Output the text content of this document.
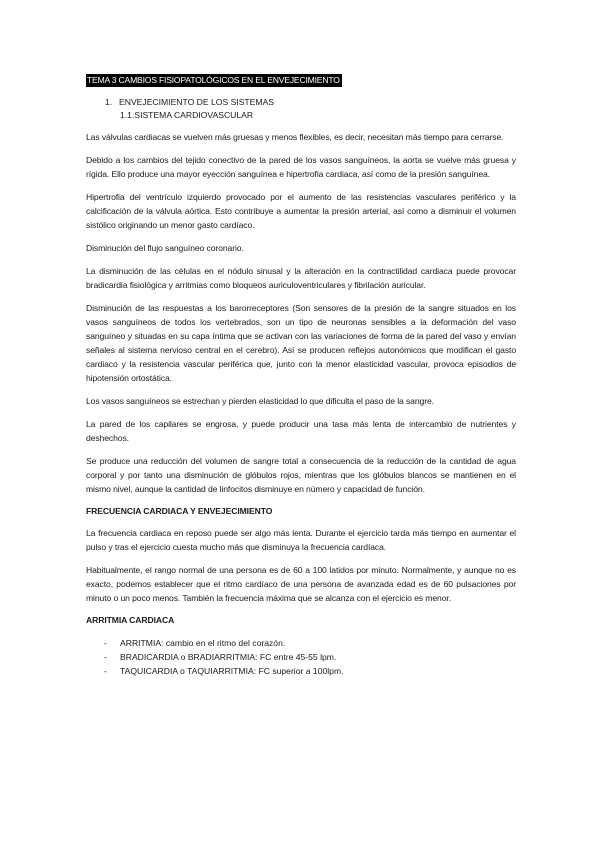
TEMA 3 CAMBIOS FISIOPATOLÓGICOS EN EL ENVEJECIMIENTO
1. ENVEJECIMIENTO DE LOS SISTEMAS
1.1.SISTEMA CARDIOVASCULAR

Las válvulas cardiacas se vuelven más gruesas y menos flexibles, es decir, necesitan más tiempo para cerrarse.

Debido a los cambios del tejido conectivo de la pared de los vasos sanguíneos, la aorta se vuelve más gruesa y rígida. Ello produce una mayor eyección sanguínea e hipertrofia cardiaca, así como de la presión sanguínea.

Hipertrofia del ventrículo izquierdo provocado por el aumento de las resistencias vasculares periférico y la calcificación de la válvula aórtica. Esto contribuye a aumentar la presión arterial, así como a disminuir el volumen sistólico originando un menor gasto cardíaco.

Disminución del flujo sanguíneo coronario.

La disminución de las células en el nódulo sinusal y la alteración en la contractilidad cardiaca puede provocar bradicardia fisiológica y arritmias como bloqueos auriculoventriculares y fibrilación auricular.

Disminución de las respuestas a los barorreceptores (Son sensores de la presión de la sangre situados en los vasos sanguíneos de todos los vertebrados, son un tipo de neuronas sensibles a la deformación del vaso sanguíneo y situadas en su capa íntima que se activan con las variaciones de forma de la pared del vaso y envían señales al sistema nervioso central en el cerebro). Así se producen reflejos autonómicos que modifican el gasto cardiaco y la resistencia vascular periférica que, junto con la menor elasticidad vascular, provoca episodios de hipotensión ortostática.

Los vasos sanguíneos se estrechan y pierden elasticidad lo que dificulta el paso de la sangre.

La pared de los capilares se engrosa, y puede producir una tasa más lenta de intercambio de nutrientes y deshechos.

Se produce una reducción del volumen de sangre total a consecuencia de la reducción de la cantidad de agua corporal y por tanto una disminución de glóbulos rojos, mientras que los glóbulos blancos se mantienen en el mismo nivel, aunque la cantidad de linfocitos disminuye en número y capacidad de función.

FRECUENCIA CARDIACA Y ENVEJECIMIENTO

La frecuencia cardiaca en reposo puede ser algo más lenta. Durante el ejercicio tarda más tiempo en aumentar el pulso y tras el ejercicio cuesta mucho más que disminuya la frecuencia cardíaca.

Habitualmente, el rango normal de una persona es de 60 a 100 latidos por minuto. Normalmente, y aunque no es exacto, podemos establecer que el ritmo cardíaco de una persona de avanzada edad es de 60 pulsaciones por minuto o un poco menos. También la frecuencia máxima que se alcanza con el ejercicio es menor.

ARRITMIA CARDIACA
- ARRITMIA: cambio en el ritmo del corazón.
- BRADICARDIA o BRADIARRITMIA: FC entre 45-55 lpm.
- TAQUICARDIA o TAQUIARRITMIA: FC superior a 100lpm.
